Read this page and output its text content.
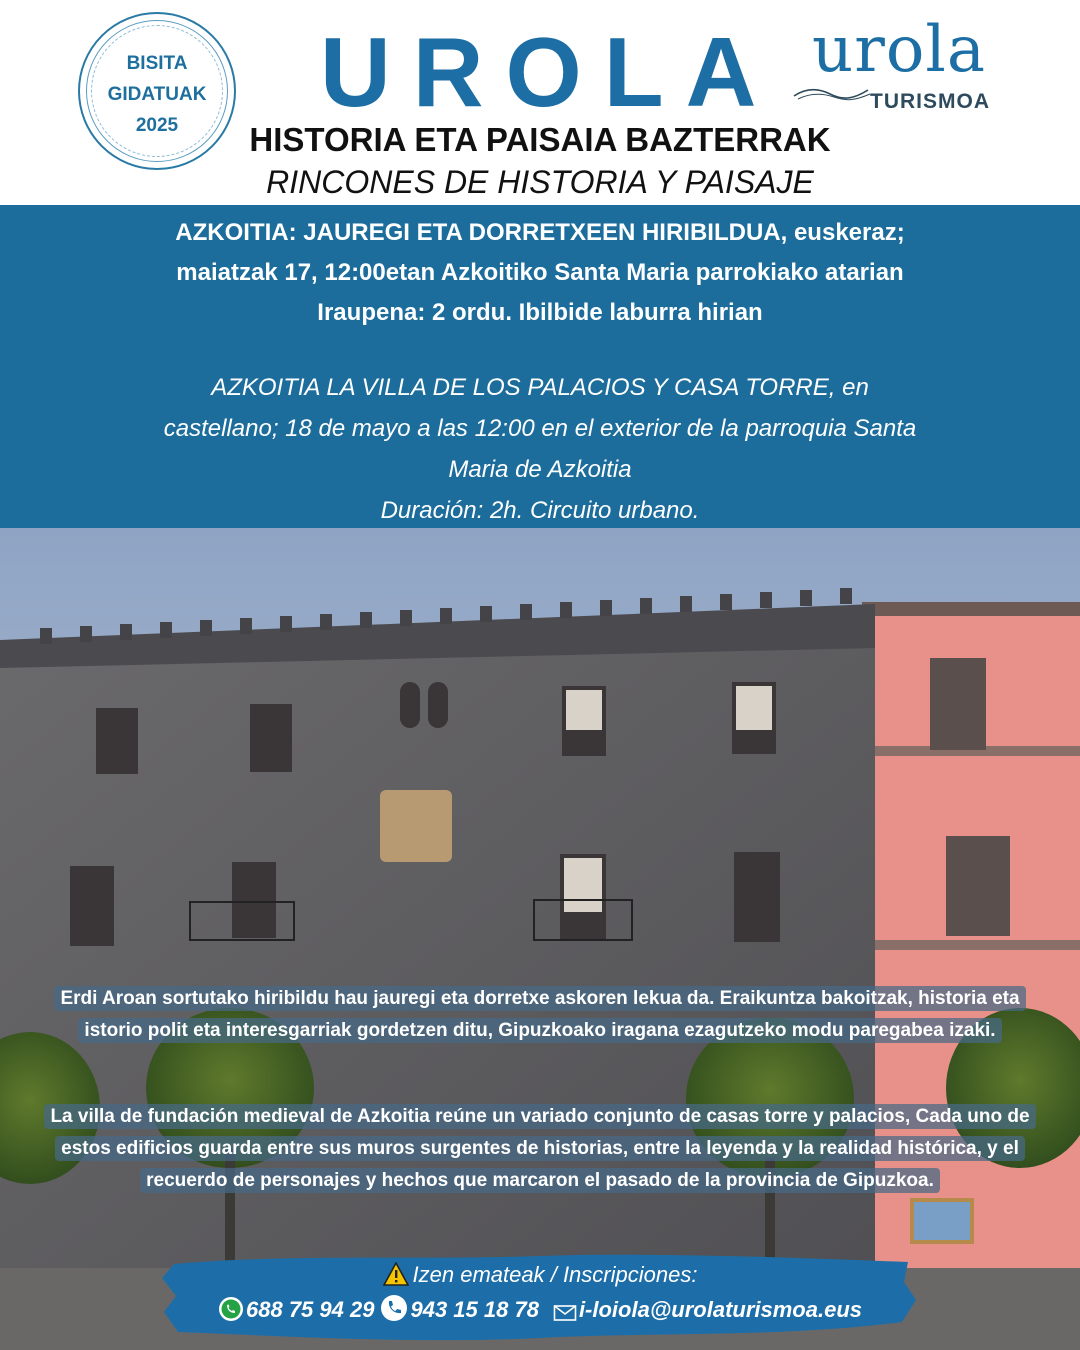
BISITA
GIDATUAK
2025	UROLA urola
TURISMOA
HISTORIA ETA PAISAIA BAZTERRAK
RINCONES DE HISTORIA Y PAISAJE
AZKOITIA: JAUREGI ETA DORRETXEEN HIRIBILDUA, euskeraz;
maiatzak 17, 12:00etan Azkoitiko Santa Maria parrokiako atarian
Iraupena: 2 ordu. Ibilbide laburra hirian
AZKOITIA LA VILLA DE LOS PALACIOS Y CASA TORRE, en
castellano; 18 de mayo a las 12:00 en el exterior de la parroquia Santa
Maria de Azkoitia
Duración: 2h. Circuito urbano.
Erdi Aroan sortutako hiribildu hau jauregi eta dorretxe askoren lekua da. Eraikuntza bakoitzak, historia eta istorio polit eta interesgarriak gordetzen ditu, Gipuzkoako iragana ezagutzeko modu paregabea izaki.
La villa de fundación medieval de Azkoitia reúne un variado conjunto de casas torre y palacios, Cada uno de estos edificios guarda entre sus muros surgentes de historias, entre la leyenda y la realidad histórica, y el recuerdo de personajes y hechos que marcaron el pasado de la provincia de Gipuzkoa.
Izen emateak / Inscripciones:
688 75 94 29 943 15 18 78 i-loiola@urolaturismoa.eus
